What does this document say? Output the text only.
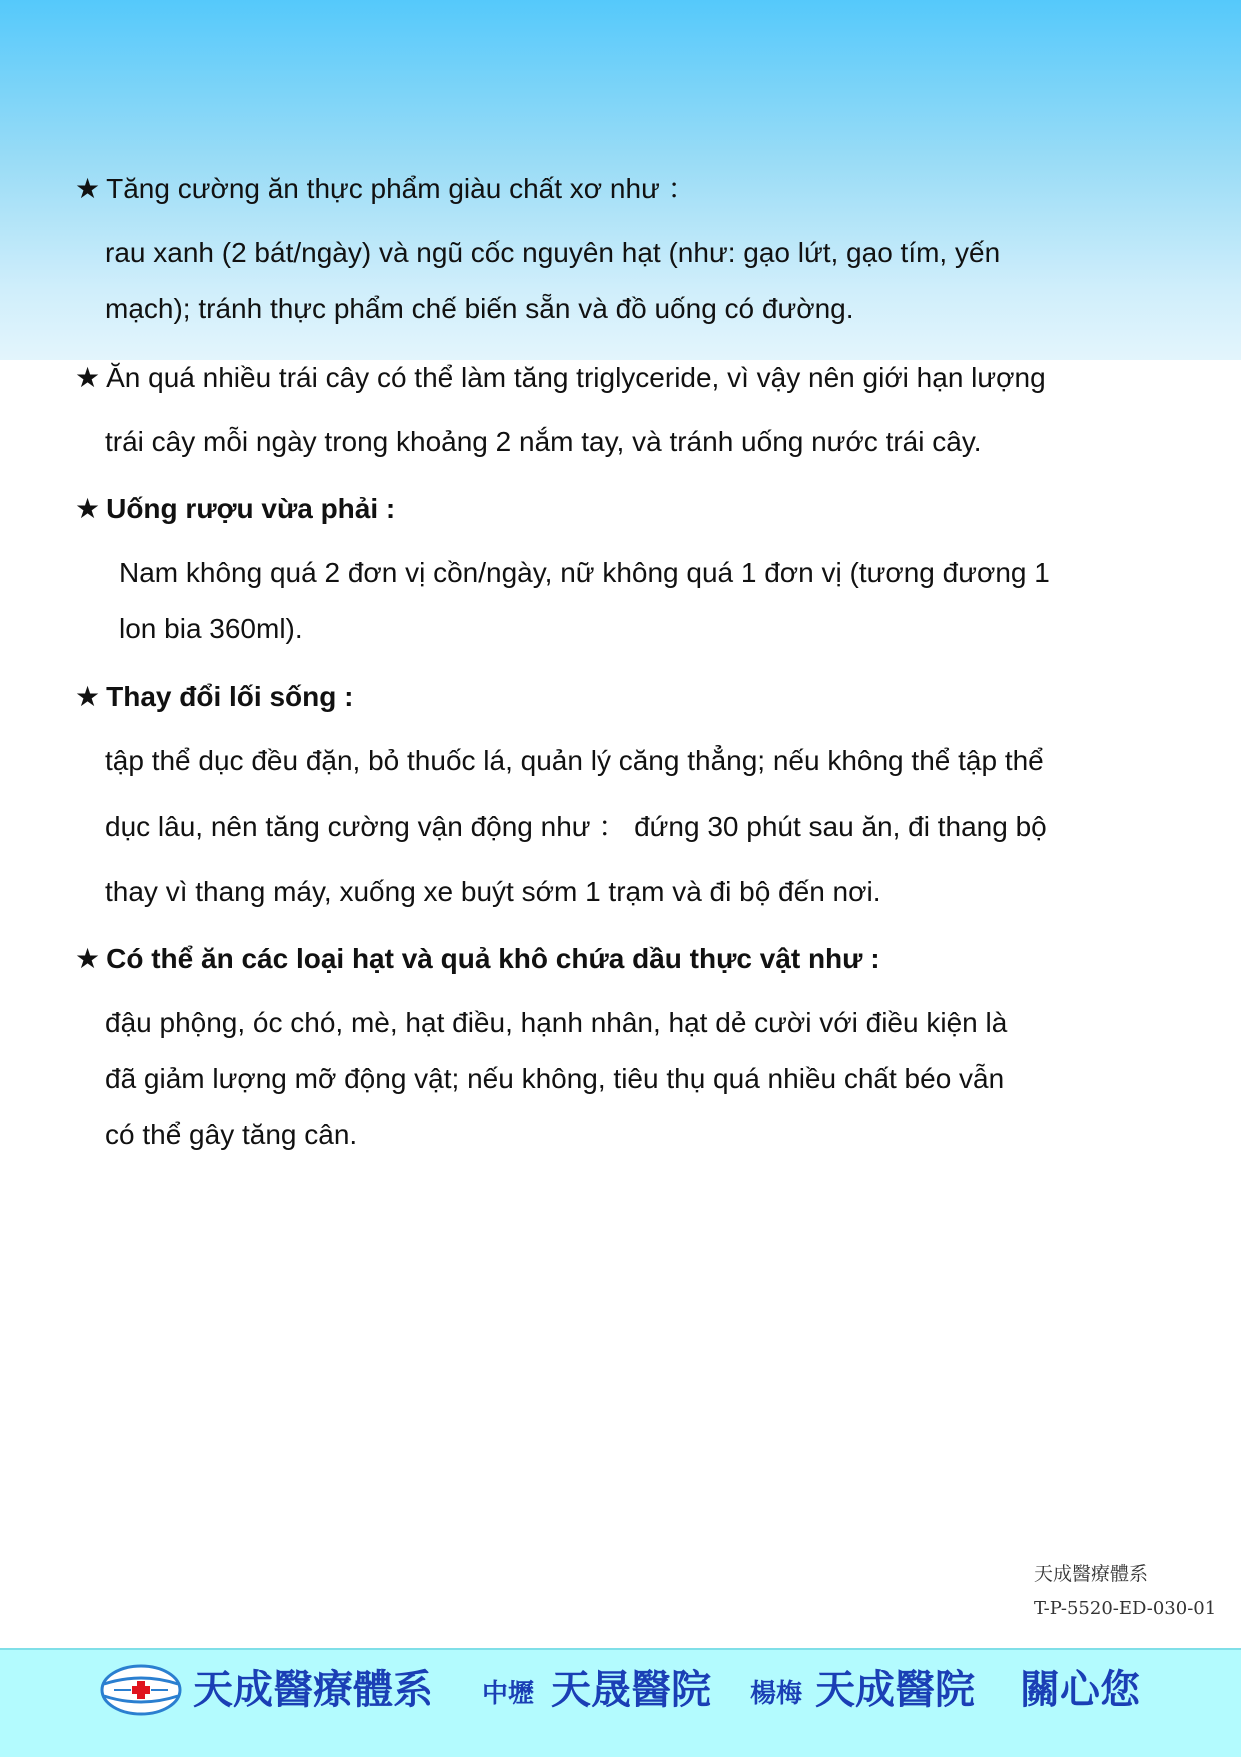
★ Tăng cường ăn thực phẩm giàu chất xơ như ：
rau xanh (2 bát/ngày) và ngũ cốc nguyên hạt (như: gạo lứt, gạo tím, yến
mạch); tránh thực phẩm chế biến sẵn và đồ uống có đường.
★ Ăn quá nhiều trái cây có thể làm tăng triglyceride, vì vậy nên giới hạn lượng
trái cây mỗi ngày trong khoảng 2 nắm tay, và tránh uống nước trái cây.
★ Uống rượu vừa phải :
Nam không quá 2 đơn vị cồn/ngày, nữ không quá 1 đơn vị (tương đương 1
lon bia 360ml).
★ Thay đổi lối sống :
tập thể dục đều đặn, bỏ thuốc lá, quản lý căng thẳng; nếu không thể tập thể
dục lâu, nên tăng cường vận động như ： đứng 30 phút sau ăn, đi thang bộ
thay vì thang máy, xuống xe buýt sớm 1 trạm và đi bộ đến nơi.
★ Có thể ăn các loại hạt và quả khô chứa dầu thực vật như :
đậu phộng, óc chó, mè, hạt điều, hạnh nhân, hạt dẻ cười với điều kiện là
đã giảm lượng mỡ động vật; nếu không, tiêu thụ quá nhiều chất béo vẫn
có thể gây tăng cân.
天成醫療體系
T-P-5520-ED-030-01
天成醫療體系 中壢 天晟醫院 楊梅 天成醫院 關心您
